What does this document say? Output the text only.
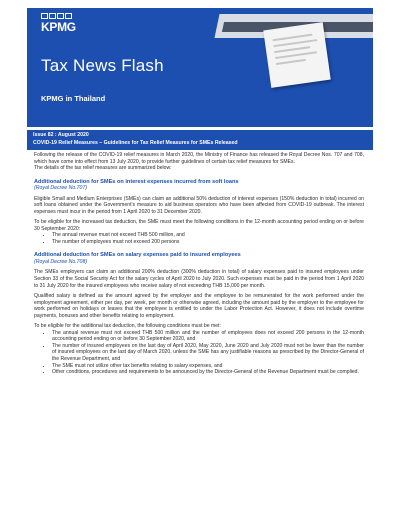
KPMG
Tax News Flash
KPMG in Thailand
Issue 82 : August 2020
COVID-19 Relief Measures – Guidelines for Tax Relief Measures for SMEs Released

Following the release of the COVID-19 relief measures in March 2020, the Ministry of Finance has released the Royal Decree Nos. 707 and 708, which have come into effect from 13 July 2020, to provide further guidelines of certain tax relief measures for SMEs.

The details of the tax relief measures are summarized below:

Additional deduction for SMEs on interest expenses incurred from soft loans
(Royal Decree No.707)

Eligible Small and Medium Enterprises (SMEs) can claim an additional 50% deduction of interest expenses (150% deduction in total) incurred on soft loans obtained under the Government's measure to aid business operators who have been affected from COVID-19 outbreak. The interest expenses must incur in the period from 1 April 2020 to 31 December 2020.

To be eligible for the increased tax deduction, the SME must meet the following conditions in the 12-month accounting period ending on or before 30 September 2020:

• The annual revenue must not exceed THB 500 million, and
• The number of employees must not exceed 200 persons
Additional deduction for SMEs on salary expenses paid to insured employees
(Royal Decree No.708)

The SMEs employers can claim an additional 200% deduction (300% deduction in total) of salary expenses paid to insured employees under Section 33 of the Social Security Act for the salary cycles of April 2020 to July 2020. Such expenses must be paid in the period from 1 April 2020 to 31 July 2020 for the insured employees who receive salary of not exceeding THB 15,000 per month.

Qualified salary is defined as the amount agreed by the employer and the employee to be remunerated for the work performed under the employment agreement, either per day, per week, per month or otherwise agreed, including the amount paid by the employer to the employee for work performed on holidays or leaves that the employee is entitled to under the Labor Protection Act. However, it does not include overtime payments, bonuses and other benefits relating to employment.

To be eligible for the additional tax deduction, the following conditions must be met:

• The annual revenue must not exceed THB 500 million and the number of employees does not exceed 200 persons in the 12-month accounting period ending on or before 30 September 2020, and
• The number of insured employees on the last day of April 2020, May 2020, June 2020 and July 2020 must not be lower than the number of insured employees on the last day of March 2020, unless the SME has any justifiable reasons as prescribed by the Director-General of the Revenue Department, and
• The SME must not utilize other tax benefits relating to salary expenses, and
• Other conditions, procedures and requirements to be announced by the Director-General of the Revenue Department must be complied.
